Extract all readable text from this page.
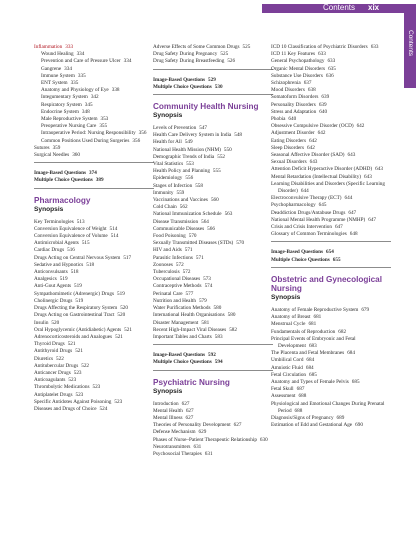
Contents	xix
Contents

Inflammation 333

Wound Healing 334

Prevention and Care of Pressure Ulcer 334

Gangrene 334

Immune System 335

ENT System 335

Anatomy and Physiology of Eye 338

Integumentary System 342

Respiratory System 345

Endocrine System 348

Male Reproductive System 353

Preoperative Nursing Care 355

Intraoperative Period: Nursing Responsibility 356

Common Positions Used During Surgeries 356

Sutures 359

Surgical Needles 360

Image-Based Questions 374

Multiple Choice Questions 389

Pharmacology

Synopsis

Key Terminologies 513

Conversion Equivalence of Weight 514

Conversion Equivalence of Volume 514

Antimicrobial Agents 515

Cardiac Drugs 516

Drugs Acting on Central Nervous System 517

Sedative and Hypnotics 518

Anticonvulsants 518

Analgesics 519

Anti-Gout Agents 519

Sympathomimetic (Adrenergic) Drugs 519

Cholinergic Drugs 519

Drugs Affecting the Respiratory System 520

Drugs Acting on Gastrointestinal Tract 520

Insulin 520

Oral Hypoglycemic (Antidiabetic) Agents 521

Adrenocorticosteroids and Analogues 521

Thyroid Drugs 521

Antithyroid Drugs 521

Diuretics 522

Antitubercular Drugs 522

Anticancer Drugs 523

Anticoagulants 523

Thrombolytic Medications 523

Antiplatelet Drugs 523

Specific Antidotes Against Poisoning 523

Diseases and Drugs of Choice 524

Adverse Effects of Some Common Drugs 525

Drug Safety During Pregnancy 525

Drug Safety During Breastfeeding 526

Image-Based Questions 529

Multiple Choice Questions 530

Community Health Nursing

Synopsis

Levels of Prevention 547

Health Care Delivery System in India 548

Health for All 549

National Health Mission (NHM) 550

Demographic Trends of India 552

Vital Statistics 553

Health Policy and Planning 555

Epidemiology 556

Stages of Infection 558

Immunity 559

Vaccinations and Vaccines 560

Cold Chain 562

National Immunization Schedule 563

Disease Transmission 564

Communicable Diseases 566

Food Poisoning 570

Sexually Transmitted Diseases (STDs) 570

HIV and Aids 571

Parasitic Infections 571

Zoonoses 572

Tuberculosis 572

Occupational Diseases 573

Contraceptive Methods 574

Perinatal Care 577

Nutrition and Health 579

Water Purification Methods 580

International Health Organisations 580

Disaster Management 581

Recent High-Impact Viral Diseases 582

Important Tables and Charts 583

Image-Based Questions 592

Multiple Choice Questions 594

Psychiatric Nursing

Synopsis

Introduction 627

Mental Health 627

Mental Illness 627

Theories of Personality Development 627

Defense Mechanism 629

Phases of Nurse–Patient Therapeutic Relationship 630

Neurotransmitters 631

Psychosocial Therapies 631

ICD 10 Classification of Psychiatric Disorders 633

ICD 11 Key Features 633

General Psychopathology 633

Organic Mental Disorders 635

Substance Use Disorders 636

Schizophrenia 637

Mood Disorders 638

Somatoform Disorders 639

Personality Disorders 639

Stress and Adaptation 640

Phobia 640

Obsessive Compulsive Disorder (OCD) 642

Adjustment Disorder 642

Eating Disorders 642

Sleep Disorders 642

Seasonal Affective Disorder (SAD) 643

Sexual Disorders 643

Attention Deficit Hyperactive Disorder (ADHD) 643

Mental Retardation (Intellectual Disability) 643

Learning Disabilities and Disorders (Specific Learning Disorder) 644

Electroconvulsive Therapy (ECT) 644

Psychopharmacology 645

Deaddiction Drugs/Antabuse Drugs 647

National Mental Health Programme (NMHP) 647

Crisis and Crisis Intervention 647

Glossary of Common Terminologies 648

Image-Based Questions 654

Multiple Choice Questions 655

Obstetric and Gynecological Nursing

Synopsis

Anatomy of Female Reproductive System 679

Anatomy of Breast 681

Menstrual Cycle 681

Fundamentals of Reproduction 682

Principal Events of Embryonic and Fetal Development 683

The Placenta and Fetal Membranes 684

Umbilical Cord 684

Amniotic Fluid 684

Fetal Circulation 685

Anatomy and Types of Female Pelvis 685

Fetal Skull 687

Assessment 688

Physiological and Emotional Changes During Prenatal Period 688

Diagnosis/Signs of Pregnancy 689

Estimation of Edd and Gestational Age 690
